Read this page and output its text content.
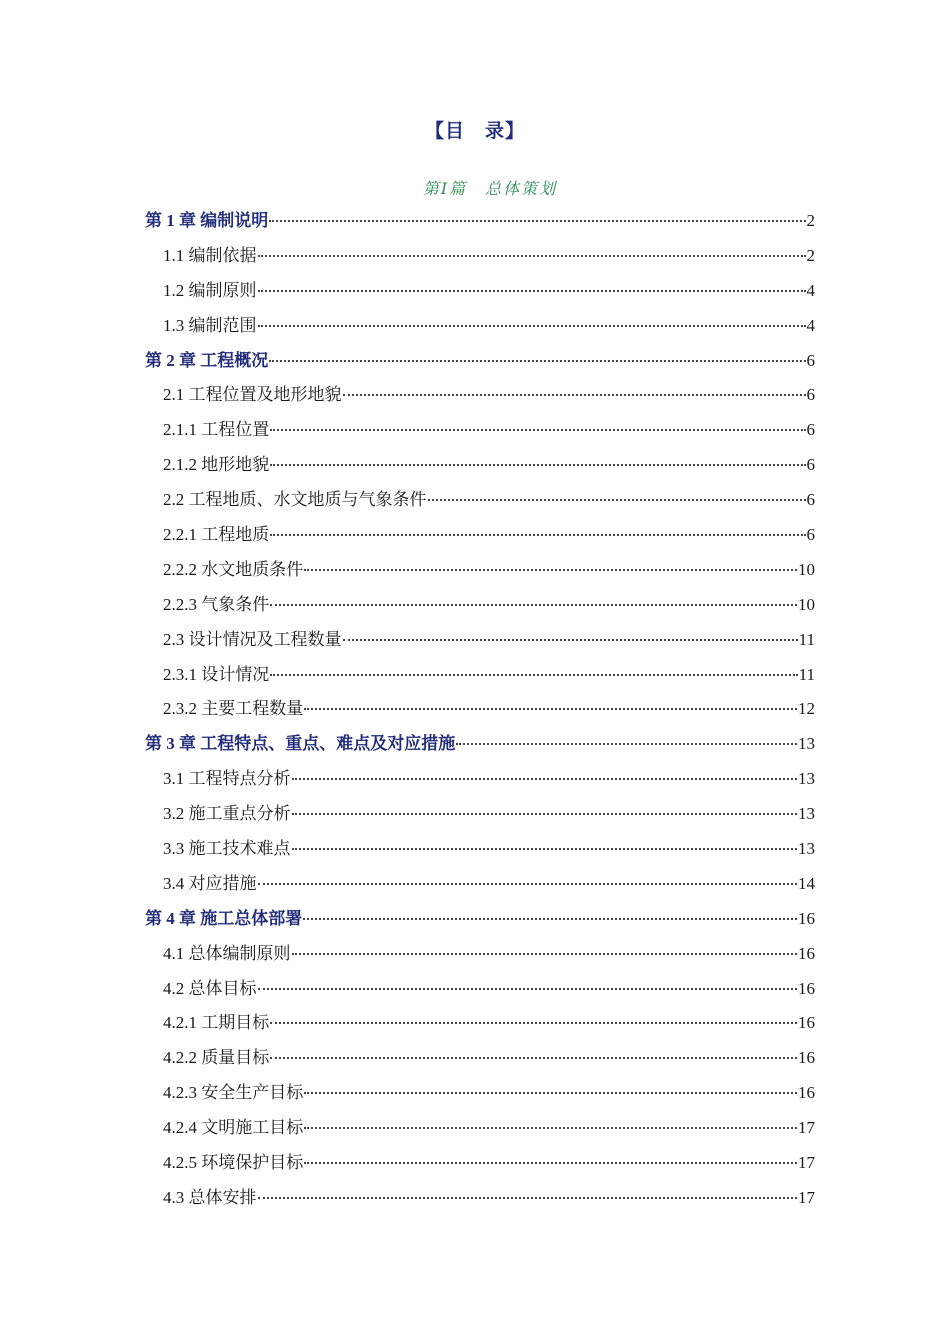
【目　录】
第Ⅰ篇　总体策划
第 1 章 编制说明	2
1.1 编制依据	2
1.2 编制原则	4
1.3 编制范围	4
第 2 章 工程概况	6
2.1 工程位置及地形地貌	6
2.1.1 工程位置	6
2.1.2 地形地貌	6
2.2 工程地质、水文地质与气象条件	6
2.2.1 工程地质	6
2.2.2 水文地质条件	10
2.2.3 气象条件	10
2.3 设计情况及工程数量	11
2.3.1 设计情况	11
2.3.2 主要工程数量	12
第 3 章 工程特点、重点、难点及对应措施	13
3.1 工程特点分析	13
3.2 施工重点分析	13
3.3 施工技术难点	13
3.4 对应措施	14
第 4 章 施工总体部署	16
4.1 总体编制原则	16
4.2 总体目标	16
4.2.1 工期目标	16
4.2.2 质量目标	16
4.2.3 安全生产目标	16
4.2.4 文明施工目标	17
4.2.5 环境保护目标	17
4.3 总体安排	17
